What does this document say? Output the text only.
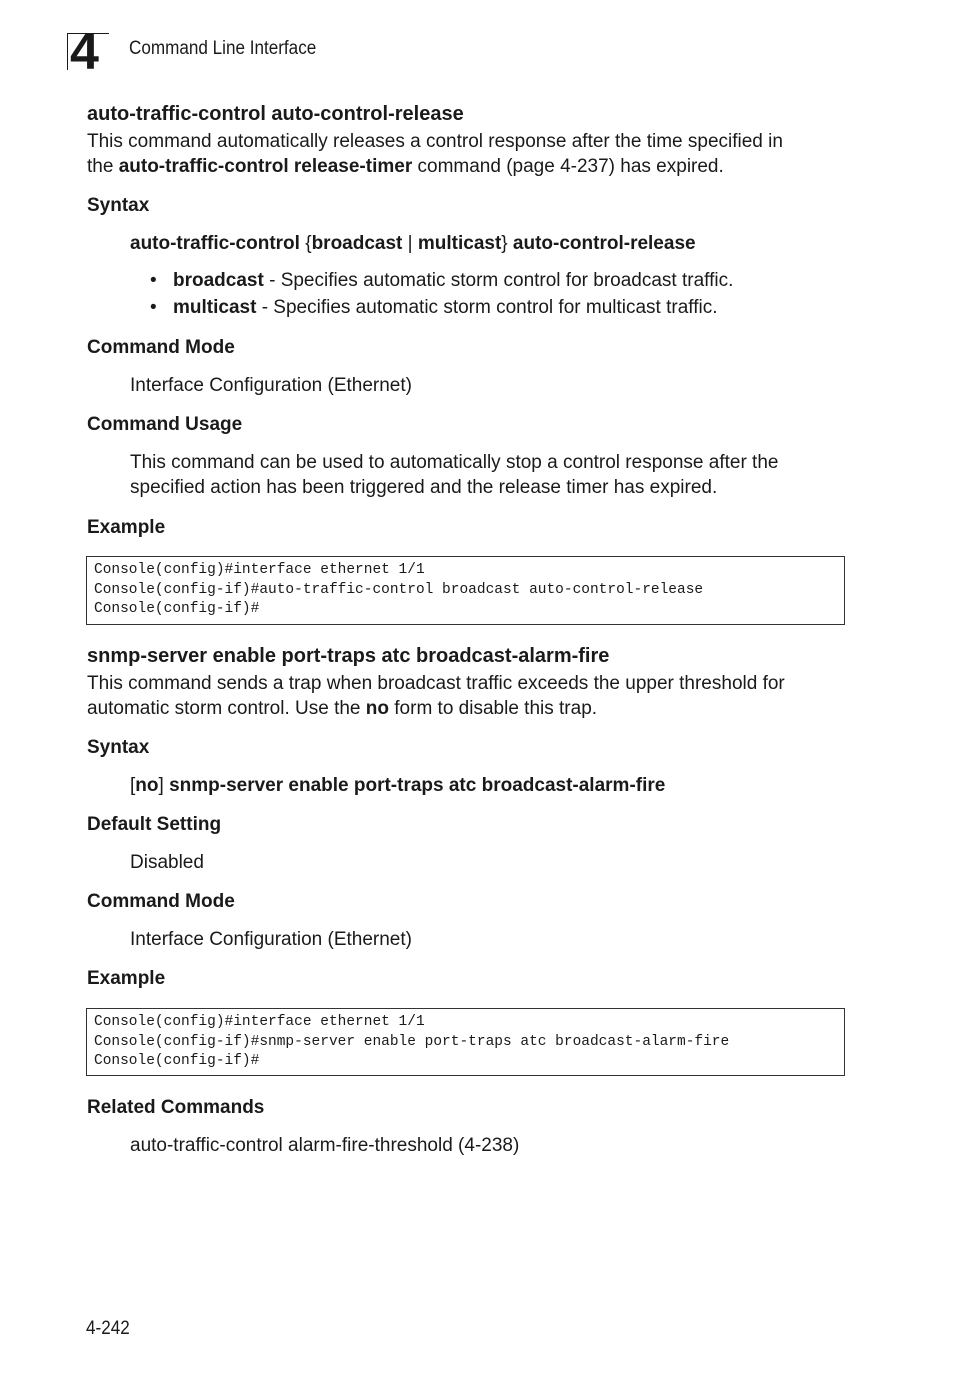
4 Command Line Interface
auto-traffic-control auto-control-release
This command automatically releases a control response after the time specified in
the auto-traffic-control release-timer command (page 4-237) has expired.
Syntax
auto-traffic-control {broadcast | multicast} auto-control-release
• broadcast - Specifies automatic storm control for broadcast traffic.
• multicast - Specifies automatic storm control for multicast traffic.
Command Mode
Interface Configuration (Ethernet)
Command Usage
This command can be used to automatically stop a control response after the
specified action has been triggered and the release timer has expired.
Example
Console(config)#interface ethernet 1/1
Console(config-if)#auto-traffic-control broadcast auto-control-release
Console(config-if)#
snmp-server enable port-traps atc broadcast-alarm-fire
This command sends a trap when broadcast traffic exceeds the upper threshold for
automatic storm control. Use the no form to disable this trap.
Syntax
[no] snmp-server enable port-traps atc broadcast-alarm-fire
Default Setting
Disabled
Command Mode
Interface Configuration (Ethernet)
Example
Console(config)#interface ethernet 1/1
Console(config-if)#snmp-server enable port-traps atc broadcast-alarm-fire
Console(config-if)#
Related Commands
auto-traffic-control alarm-fire-threshold (4-238)
4-242
